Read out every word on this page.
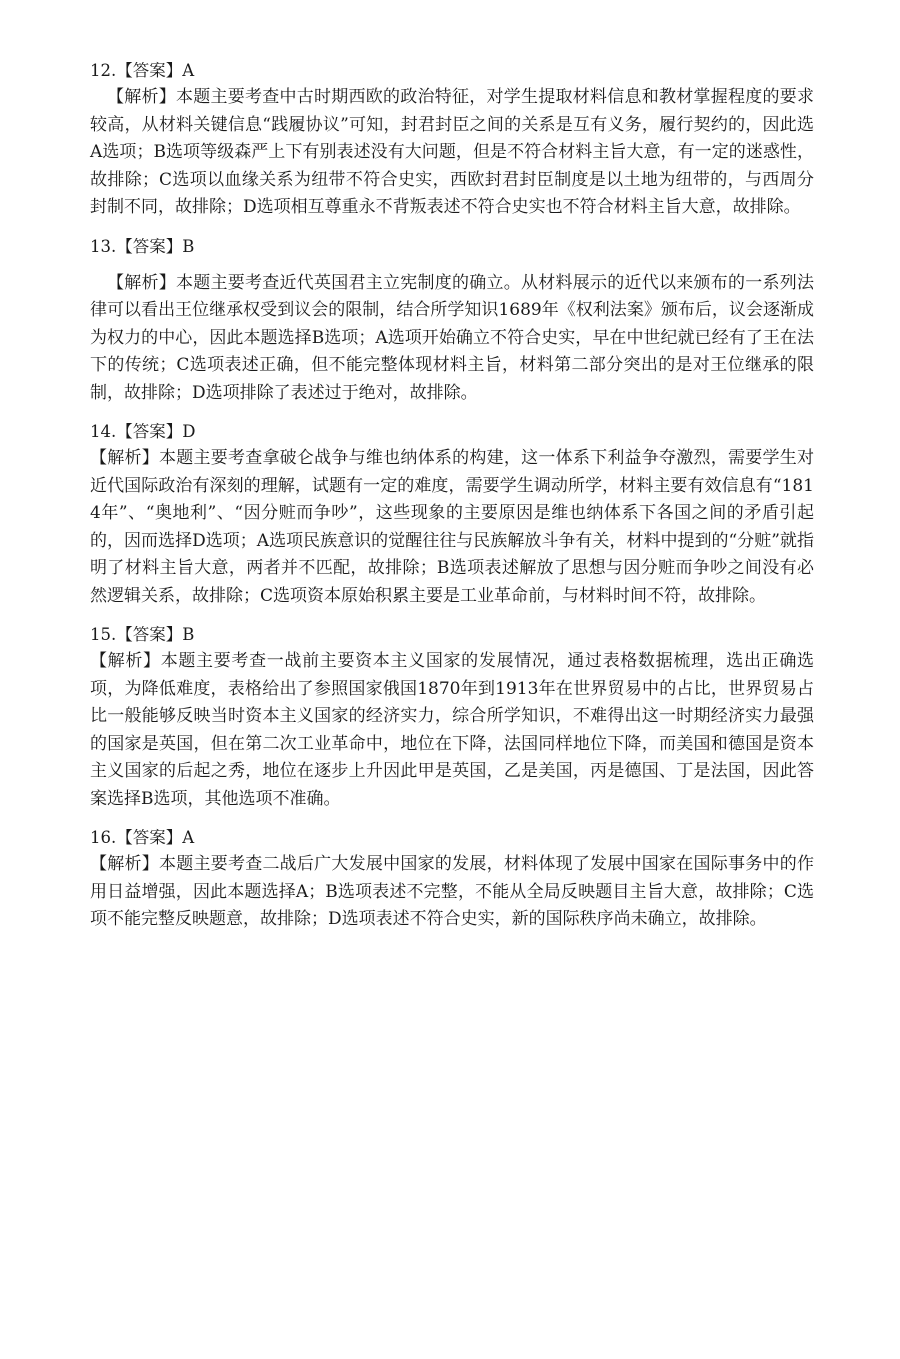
12.【答案】A
【解析】本题主要考查中古时期西欧的政治特征，对学生提取材料信息和教材掌握程度的要求较高，从材料关键信息“践履协议”可知，封君封臣之间的关系是互有义务，履行契约的，因此选A选项；B选项等级森严上下有别表述没有大问题，但是不符合材料主旨大意，有一定的迷惑性，故排除；C选项以血缘关系为纽带不符合史实，西欧封君封臣制度是以土地为纽带的，与西周分封制不同，故排除；D选项相互尊重永不背叛表述不符合史实也不符合材料主旨大意，故排除。
13.【答案】B
【解析】本题主要考查近代英国君主立宪制度的确立。从材料展示的近代以来颁布的一系列法律可以看出王位继承权受到议会的限制，结合所学知识1689年《权利法案》颁布后，议会逐渐成为权力的中心，因此本题选择B选项；A选项开始确立不符合史实，早在中世纪就已经有了王在法下的传统；C选项表述正确，但不能完整体现材料主旨，材料第二部分突出的是对王位继承的限制，故排除；D选项排除了表述过于绝对，故排除。
14.【答案】D
【解析】本题主要考查拿破仑战争与维也纳体系的构建，这一体系下利益争夺激烈，需要学生对近代国际政治有深刻的理解，试题有一定的难度，需要学生调动所学，材料主要有效信息有“1814年”、“奥地利”、“因分赃而争吵”，这些现象的主要原因是维也纳体系下各国之间的矛盾引起的，因而选择D选项；A选项民族意识的觉醒往往与民族解放斗争有关，材料中提到的“分赃”就指明了材料主旨大意，两者并不匹配，故排除；B选项表述解放了思想与因分赃而争吵之间没有必然逻辑关系，故排除；C选项资本原始积累主要是工业革命前，与材料时间不符，故排除。
15.【答案】B
【解析】本题主要考查一战前主要资本主义国家的发展情况，通过表格数据梳理，选出正确选项，为降低难度，表格给出了参照国家俄国1870年到1913年在世界贸易中的占比，世界贸易占比一般能够反映当时资本主义国家的经济实力，综合所学知识，不难得出这一时期经济实力最强的国家是英国，但在第二次工业革命中，地位在下降，法国同样地位下降，而美国和德国是资本主义国家的后起之秀，地位在逐步上升因此甲是英国，乙是美国，丙是德国、丁是法国，因此答案选择B选项，其他选项不准确。
16.【答案】A
【解析】本题主要考查二战后广大发展中国家的发展，材料体现了发展中国家在国际事务中的作用日益增强，因此本题选择A；B选项表述不完整，不能从全局反映题目主旨大意，故排除；C选项不能完整反映题意，故排除；D选项表述不符合史实，新的国际秩序尚未确立，故排除。
